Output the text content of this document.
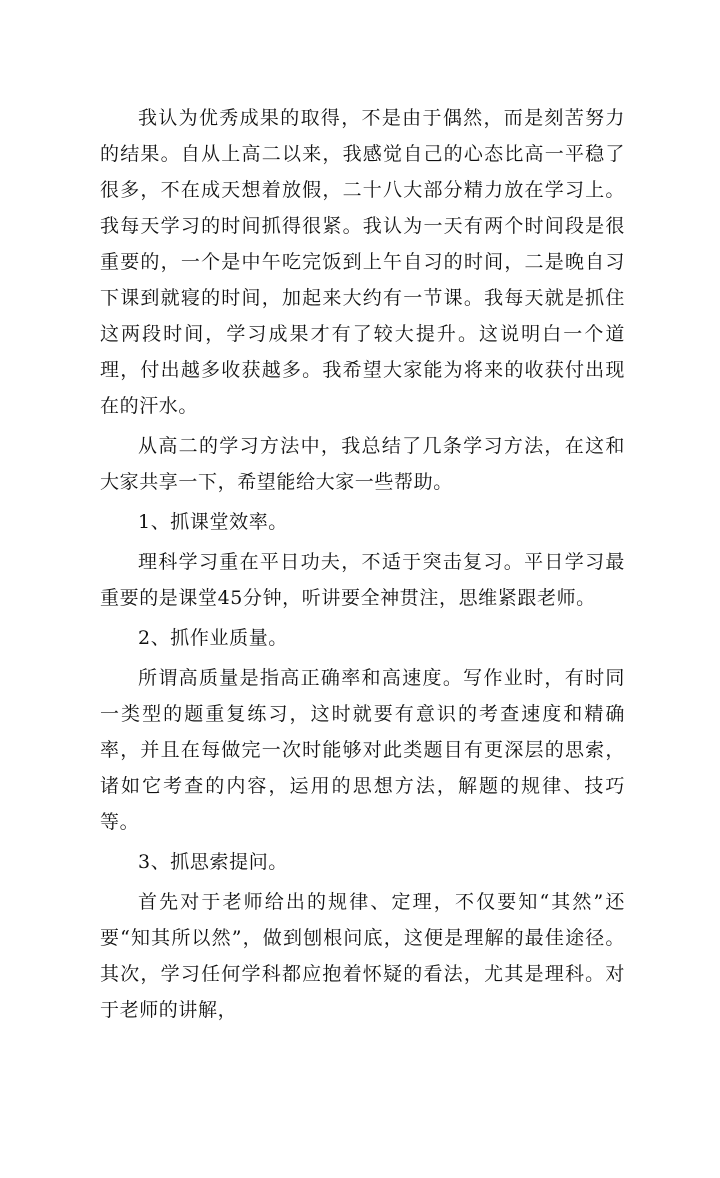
我认为优秀成果的取得，不是由于偶然，而是刻苦努力的结果。自从上高二以来，我感觉自己的心态比高一平稳了很多，不在成天想着放假，二十八大部分精力放在学习上。我每天学习的时间抓得很紧。我认为一天有两个时间段是很重要的，一个是中午吃完饭到上午自习的时间，二是晚自习下课到就寝的时间，加起来大约有一节课。我每天就是抓住这两段时间，学习成果才有了较大提升。这说明白一个道理，付出越多收获越多。我希望大家能为将来的收获付出现在的汗水。

从高二的学习方法中，我总结了几条学习方法，在这和大家共享一下，希望能给大家一些帮助。

1、抓课堂效率。

理科学习重在平日功夫，不适于突击复习。平日学习最重要的是课堂45分钟，听讲要全神贯注，思维紧跟老师。

2、抓作业质量。

所谓高质量是指高正确率和高速度。写作业时，有时同一类型的题重复练习，这时就要有意识的考查速度和精确率，并且在每做完一次时能够对此类题目有更深层的思索，诸如它考查的内容，运用的思想方法，解题的规律、技巧等。

3、抓思索提问。

首先对于老师给出的规律、定理，不仅要知“其然”还要“知其所以然”，做到刨根问底，这便是理解的最佳途径。其次，学习任何学科都应抱着怀疑的看法，尤其是理科。对于老师的讲解，
